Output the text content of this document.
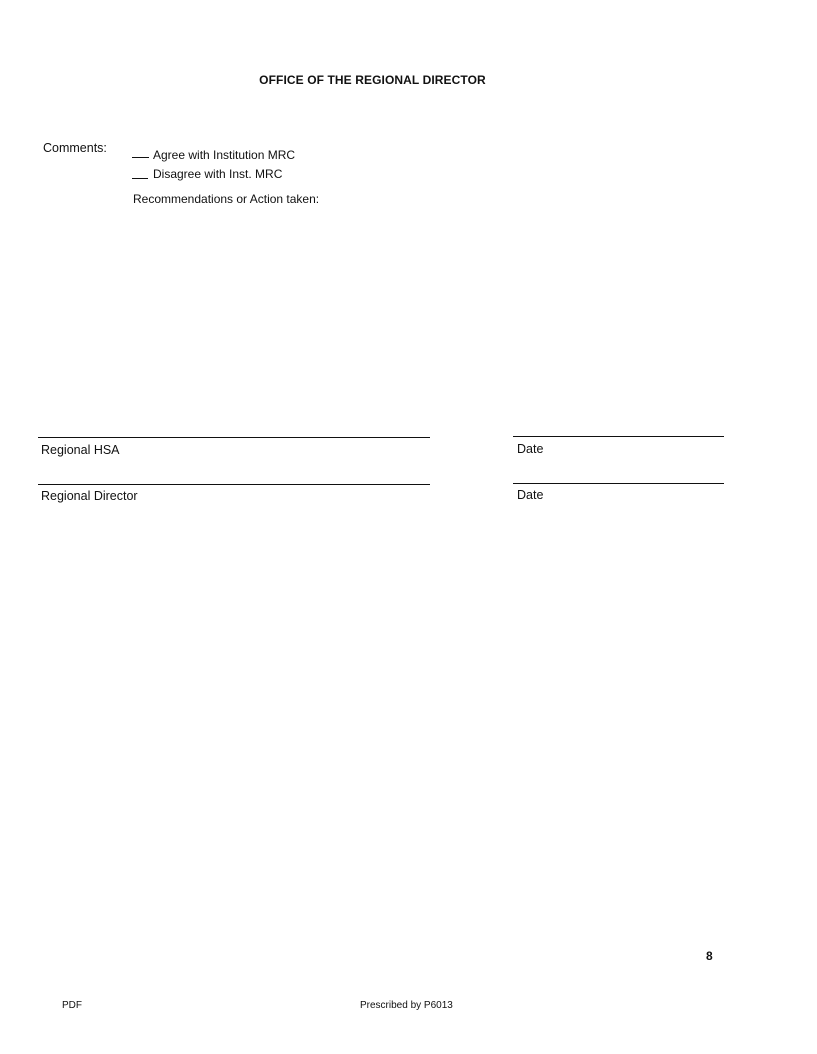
OFFICE OF THE REGIONAL DIRECTOR
Comments:	Agree with Institution MRC
Disagree with Inst. MRC
Recommendations or Action taken:
Regional HSA	Date
Regional Director	Date
8
PDF	Prescribed by P6013
